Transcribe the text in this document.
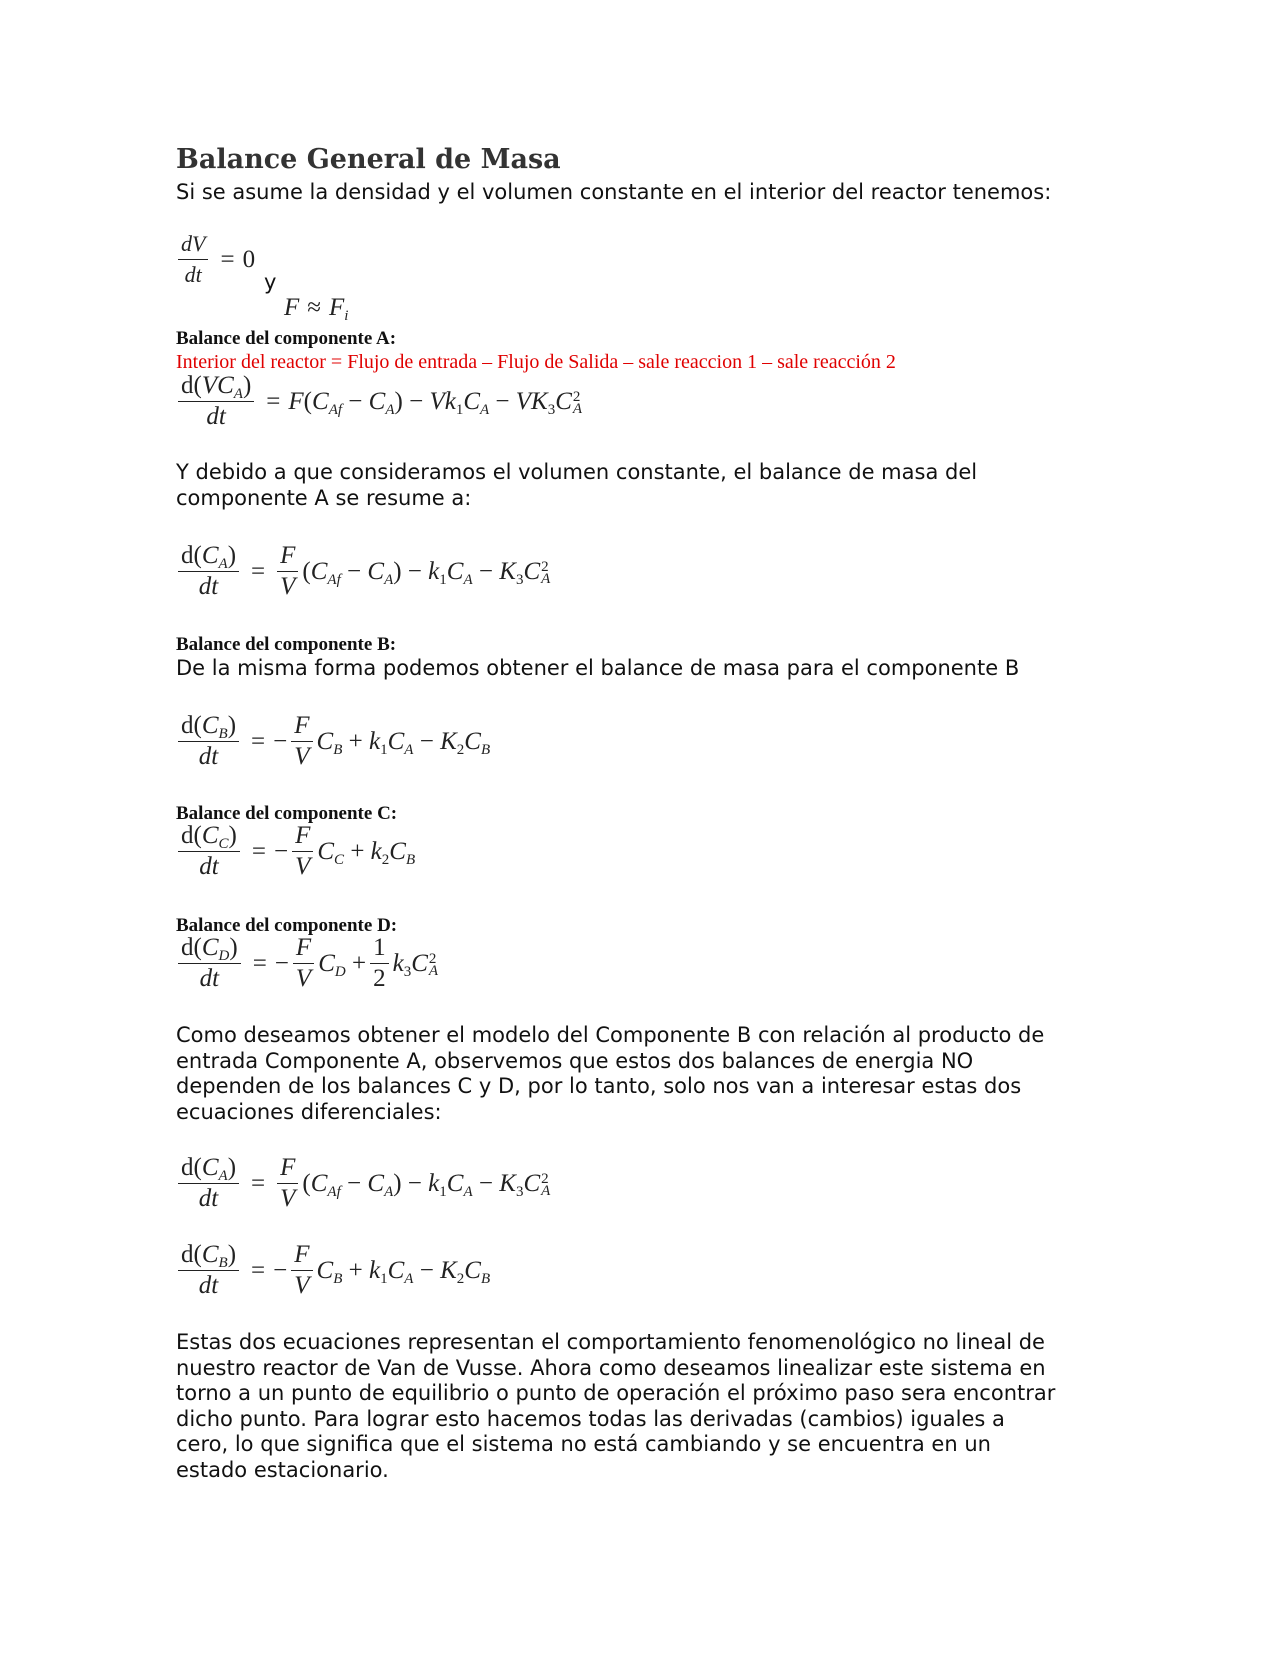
Balance General de Masa
Si se asume la densidad y el volumen constante en el interior del reactor tenemos:
$\frac{dV}{dt} = 0$
y
$F \approx F_i$
Balance del componente A:
Interior del reactor = Flujo de entrada – Flujo de Salida – sale reaccion 1 – sale reacción 2
$\frac{d(VC_A)}{dt} = F(C_{Af} - C_A) - Vk_1C_A - VK_3C$ 2
A

Y debido a que consideramos el volumen constante, el balance de masa del

componente A se resume a:

$\frac{d(C_A)}{dt} = \frac{F}{V} (C_{Af} - C_A) - k_1C_A - K_3C$ 2
A
Balance del componente B:
De la misma forma podemos obtener el balance de masa para el componente B
$\frac{d(C_B)}{dt}$ = − $\frac{F}{V} C_B + k_1C_A - K_2C_B$
Balance del componente C:
$\frac{d(C_C)}{dt}$ = − $\frac{F}{V} C_C + k_2C_B$
Balance del componente D:
$\frac{d(C_D)}{dt}$ = − $\frac{F}{V} C_D + \frac{1}{2} k_3C$ 2
A

Como deseamos obtener el modelo del Componente B con relación al producto de

entrada Componente A, observemos que estos dos balances de energia NO

dependen de los balances C y D, por lo tanto, solo nos van a interesar estas dos

ecuaciones diferenciales:

$\frac{d(C_A)}{dt} = \frac{F}{V} (C_{Af} - C_A) - k_1C_A - K_3C$ 2
A
$\frac{d(C_B)}{dt}$ = − $\frac{F}{V} C_B + k_1C_A - K_2C_B$

Estas dos ecuaciones representan el comportamiento fenomenológico no lineal de

nuestro reactor de Van de Vusse. Ahora como deseamos linealizar este sistema en

torno a un punto de equilibrio o punto de operación el próximo paso sera encontrar

dicho punto. Para lograr esto hacemos todas las derivadas (cambios) iguales a

cero, lo que significa que el sistema no está cambiando y se encuentra en un

estado estacionario.
